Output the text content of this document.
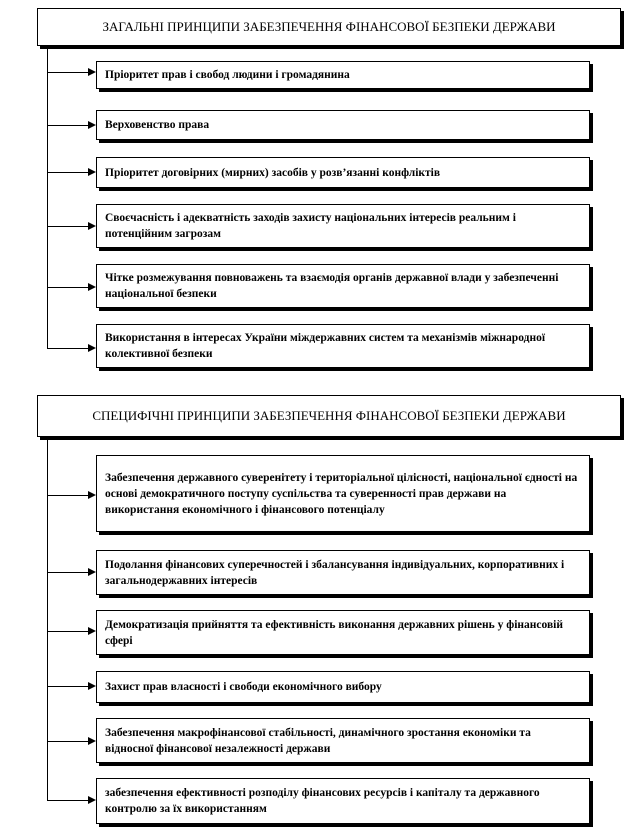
ЗАГАЛЬНІ ПРИНЦИПИ ЗАБЕЗПЕЧЕННЯ ФІНАНСОВОЇ БЕЗПЕКИ ДЕРЖАВИ
Пріоритет прав і свобод людини і громадянина
Верховенство права
Пріоритет договірних (мирних) засобів у розв’язанні конфліктів
Своєчасність і адекватність заходів захисту національних інтересів реальним і потенційним загрозам
Чітке розмежування повноважень та взаємодія органів державної влади у забезпеченні національної безпеки
Використання в інтересах України міждержавних систем та механізмів міжнародної колективної безпеки
СПЕЦИФІЧНІ ПРИНЦИПИ ЗАБЕЗПЕЧЕННЯ ФІНАНСОВОЇ БЕЗПЕКИ ДЕРЖАВИ
Забезпечення державного суверенітету і територіальної цілісності, національної єдності на основі демократичного поступу суспільства та суверенності прав держави на використання економічного і фінансового потенціалу
Подолання фінансових суперечностей і збалансування індивідуальних, корпоративних і загальнодержавних інтересів
Демократизація прийняття та ефективність виконання державних рішень у фінансовій сфері
Захист прав власності і свободи економічного вибору
Забезпечення макрофінансової стабільності, динамічного зростання економіки та відносної фінансової незалежності держави
забезпечення ефективності розподілу фінансових ресурсів і капіталу та державного контролю за їх використанням
